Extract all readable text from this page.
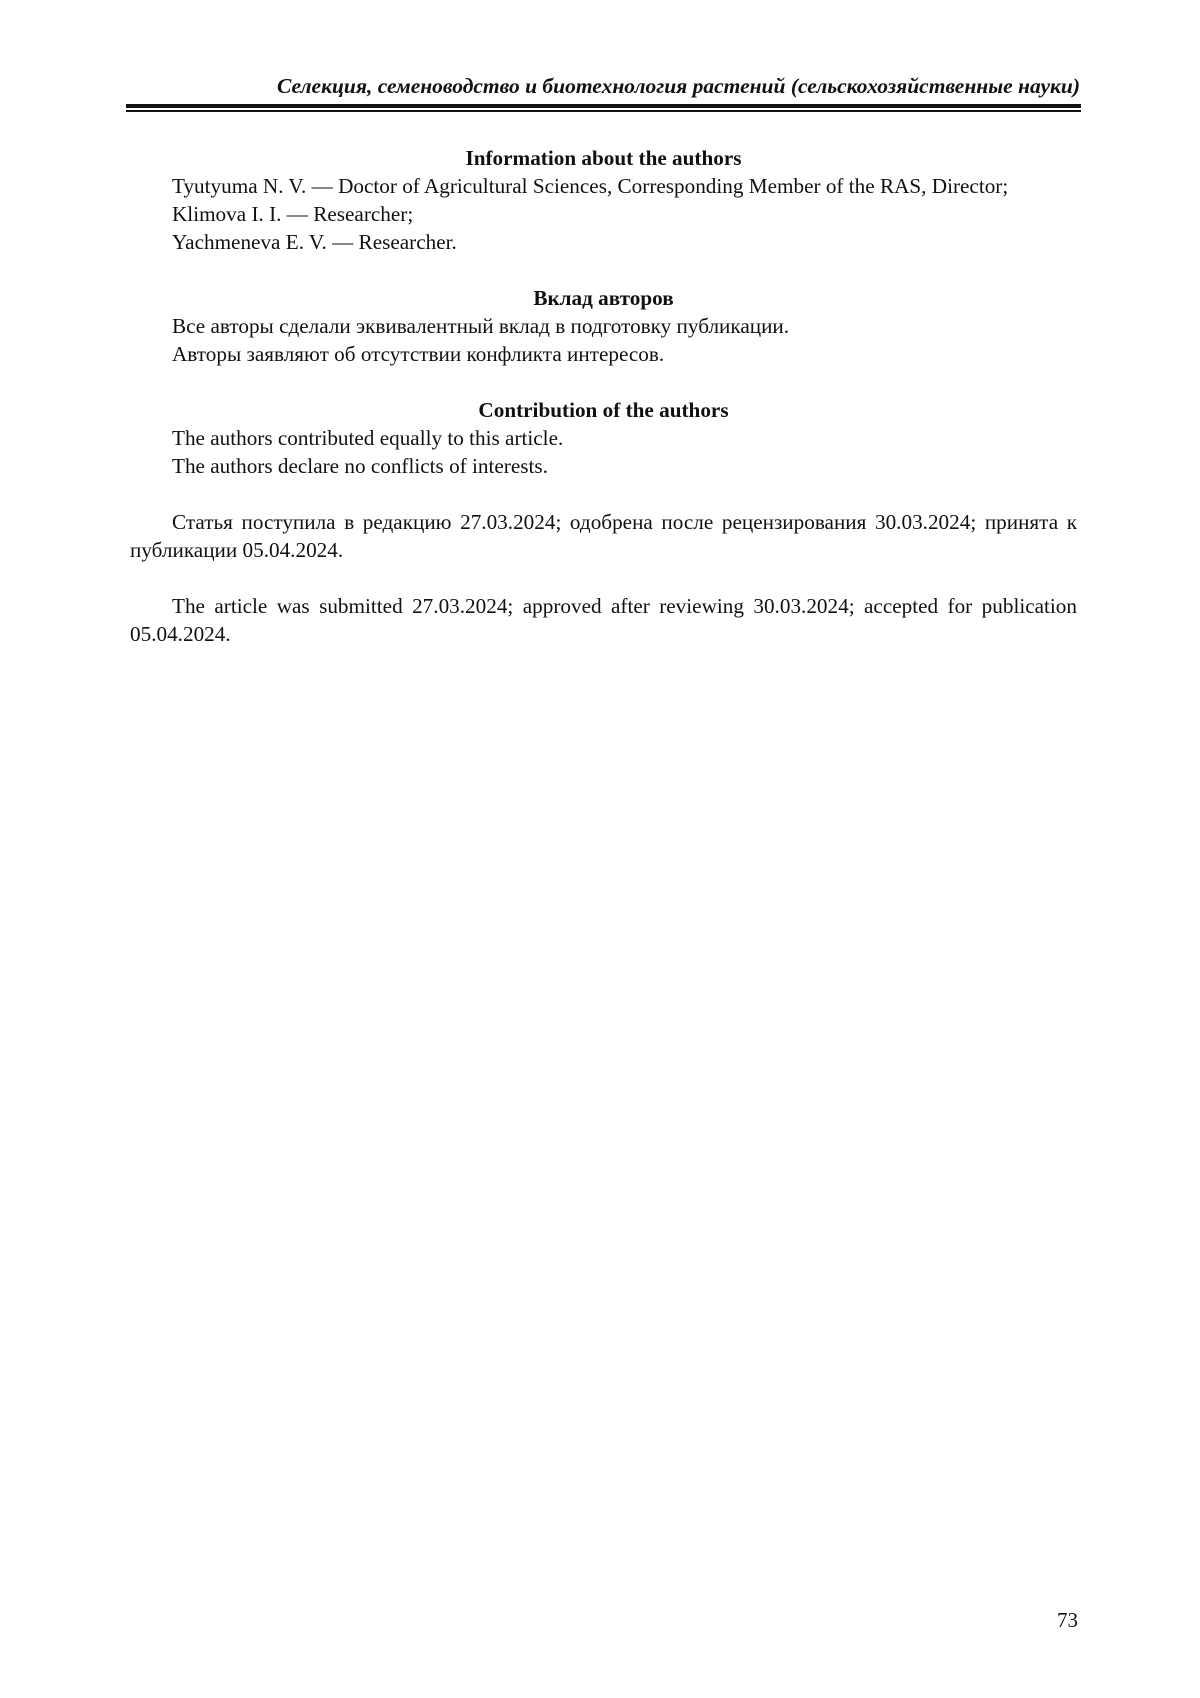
Селекция, семеноводство и биотехнология растений (сельскохозяйственные науки)

Information about the authors

Tyutyuma N. V. — Doctor of Agricultural Sciences, Corresponding Member of the RAS, Director;

Klimova I. I. — Researcher;

Yachmeneva E. V. — Researcher.

Вклад авторов

Все авторы сделали эквивалентный вклад в подготовку публикации.

Авторы заявляют об отсутствии конфликта интересов.

Contribution of the authors

The authors contributed equally to this article.

The authors declare no conflicts of interests.

Статья поступила в редакцию 27.03.2024; одобрена после рецензирования 30.03.2024; принята к публикации 05.04.2024.

The article was submitted 27.03.2024; approved after reviewing 30.03.2024; accepted for publication 05.04.2024.

73
